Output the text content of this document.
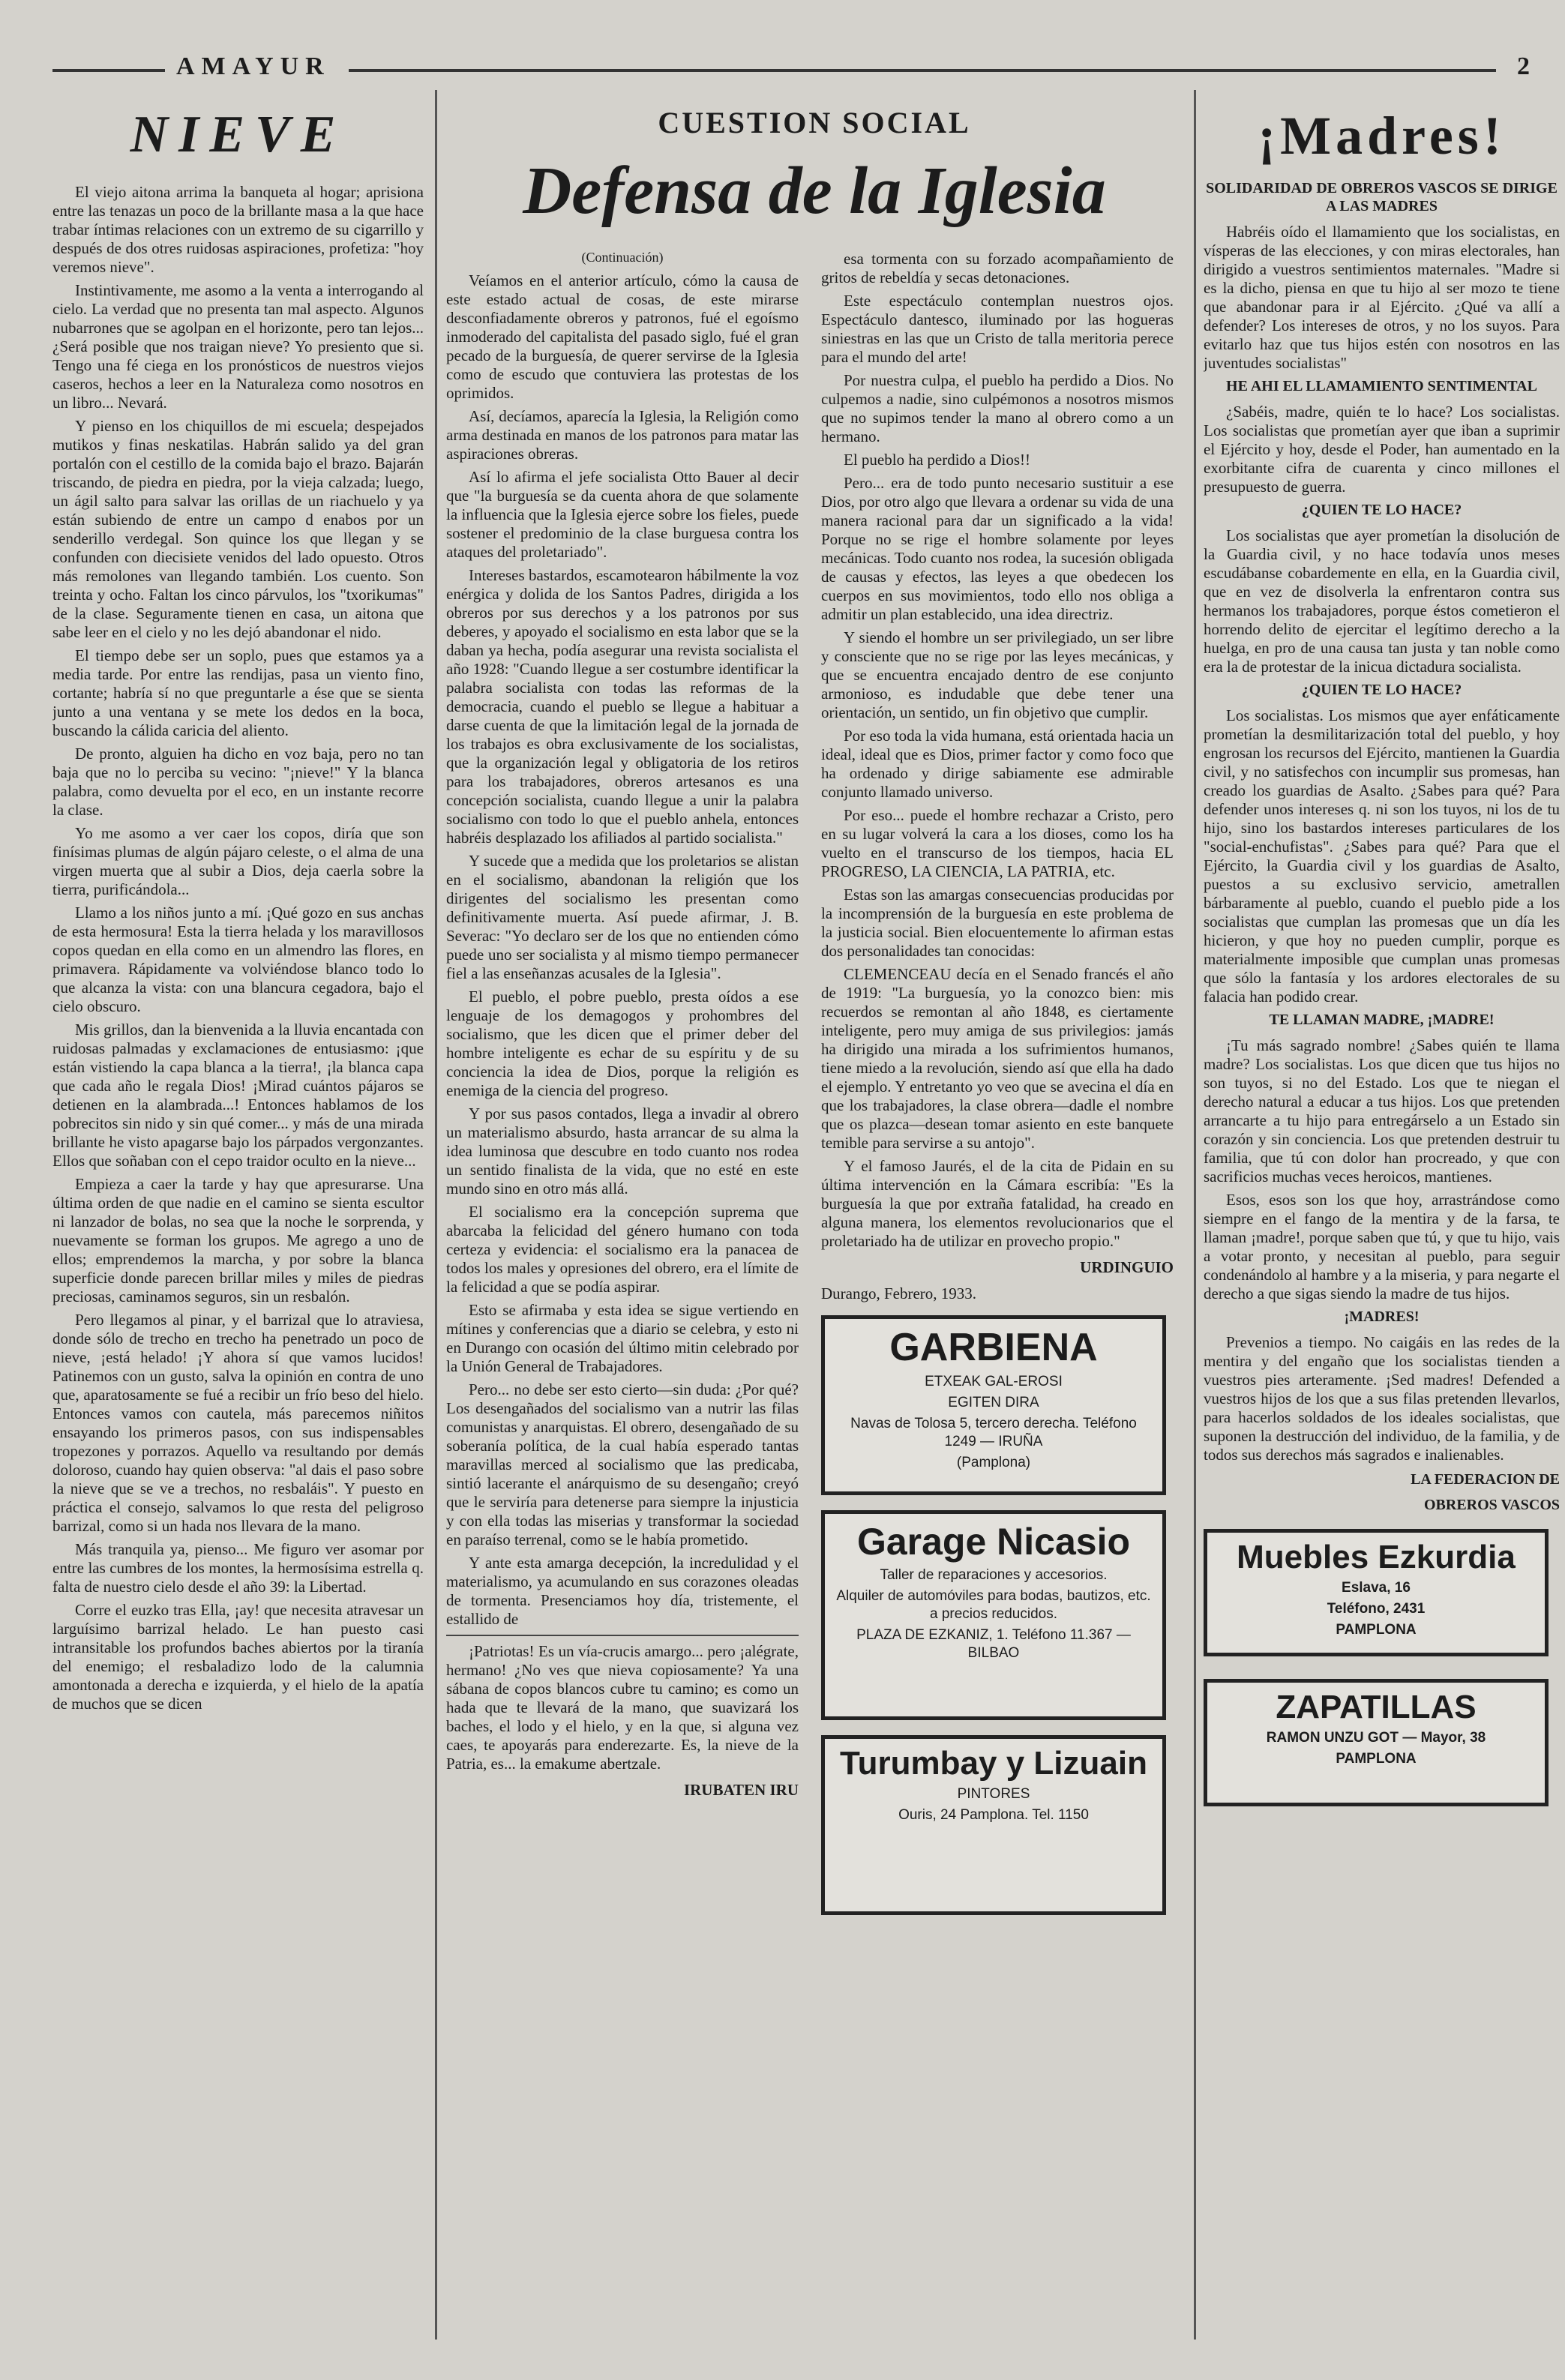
AMAYUR	2
NIEVE

El viejo aitona arrima la banqueta al hogar; aprisiona entre las tenazas un poco de la brillante masa a la que hace trabar íntimas relaciones con un extremo de su cigarrillo y después de dos otres ruidosas aspiraciones, profetiza: "hoy veremos nieve".

Instintivamente, me asomo a la venta a interrogando al cielo. La verdad que no presenta tan mal aspecto. Algunos nubarrones que se agolpan en el horizonte, pero tan lejos... ¿Será posible que nos traigan nieve? Yo presiento que si. Tengo una fé ciega en los pronósticos de nuestros viejos caseros, hechos a leer en la Naturaleza como nosotros en un libro... Nevará.

Y pienso en los chiquillos de mi escuela; despejados mutikos y finas neskatilas. Habrán salido ya del gran portalón con el cestillo de la comida bajo el brazo. Bajarán triscando, de piedra en piedra, por la vieja calzada; luego, un ágil salto para salvar las orillas de un riachuelo y ya están subiendo de entre un campo d enabos por un senderillo verdegal. Son quince los que llegan y se confunden con diecisiete venidos del lado opuesto. Otros más remolones van llegando también. Los cuento. Son treinta y ocho. Faltan los cinco párvulos, los "txorikumas" de la clase. Seguramente tienen en casa, un aitona que sabe leer en el cielo y no les dejó abandonar el nido.

El tiempo debe ser un soplo, pues que estamos ya a media tarde. Por entre las rendijas, pasa un viento fino, cortante; habría sí no que preguntarle a ése que se sienta junto a una ventana y se mete los dedos en la boca, buscando la cálida caricia del aliento.

De pronto, alguien ha dicho en voz baja, pero no tan baja que no lo perciba su vecino: "¡nieve!" Y la blanca palabra, como devuelta por el eco, en un instante recorre la clase.

Yo me asomo a ver caer los copos, diría que son finísimas plumas de algún pájaro celeste, o el alma de una virgen muerta que al subir a Dios, deja caerla sobre la tierra, purificándola...

Llamo a los niños junto a mí. ¡Qué gozo en sus anchas de esta hermosura! Esta la tierra helada y los maravillosos copos quedan en ella como en un almendro las flores, en primavera. Rápidamente va volviéndose blanco todo lo que alcanza la vista: con una blancura cegadora, bajo el cielo obscuro.

Mis grillos, dan la bienvenida a la lluvia encantada con ruidosas palmadas y exclamaciones de entusiasmo: ¡que están vistiendo la capa blanca a la tierra!, ¡la blanca capa que cada año le regala Dios! ¡Mirad cuántos pájaros se detienen en la alambrada...! Entonces hablamos de los pobrecitos sin nido y sin qué comer... y más de una mirada brillante he visto apagarse bajo los párpados vergonzantes. Ellos que soñaban con el cepo traidor oculto en la nieve...

Empieza a caer la tarde y hay que apresurarse. Una última orden de que nadie en el camino se sienta escultor ni lanzador de bolas, no sea que la noche le sorprenda, y nuevamente se forman los grupos. Me agrego a uno de ellos; emprendemos la marcha, y por sobre la blanca superficie donde parecen brillar miles y miles de piedras preciosas, caminamos seguros, sin un resbalón.

Pero llegamos al pinar, y el barrizal que lo atraviesa, donde sólo de trecho en trecho ha penetrado un poco de nieve, ¡está helado! ¡Y ahora sí que vamos lucidos! Patinemos con un gusto, salva la opinión en contra de uno que, aparatosamente se fué a recibir un frío beso del hielo. Entonces vamos con cautela, más parecemos niñitos ensayando los primeros pasos, con sus indispensables tropezones y porrazos. Aquello va resultando por demás doloroso, cuando hay quien observa: "al dais el paso sobre la nieve que se ve a trechos, no resbaláis". Y puesto en práctica el consejo, salvamos lo que resta del peligroso barrizal, como si un hada nos llevara de la mano.

Más tranquila ya, pienso... Me figuro ver asomar por entre las cumbres de los montes, la hermosísima estrella q. falta de nuestro cielo desde el año 39: la Libertad.

Corre el euzko tras Ella, ¡ay! que necesita atravesar un larguísimo barrizal helado. Le han puesto casi intransitable los profundos baches abiertos por la tiranía del enemigo; el resbaladizo lodo de la calumnia amontonada a derecha e izquierda, y el hielo de la apatía de muchos que se dicen

CUESTION SOCIAL
Defensa de la Iglesia
(Continuación)

Veíamos en el anterior artículo, cómo la causa de este estado actual de cosas, de este mirarse desconfiadamente obreros y patronos, fué el egoísmo inmoderado del capitalista del pasado siglo, fué el gran pecado de la burguesía, de querer servirse de la Iglesia como de escudo que contuviera las protestas de los oprimidos.

Así, decíamos, aparecía la Iglesia, la Religión como arma destinada en manos de los patronos para matar las aspiraciones obreras.

Así lo afirma el jefe socialista Otto Bauer al decir que "la burguesía se da cuenta ahora de que solamente la influencia que la Iglesia ejerce sobre los fieles, puede sostener el predominio de la clase burguesa contra los ataques del proletariado".

Intereses bastardos, escamotearon hábilmente la voz enérgica y dolida de los Santos Padres, dirigida a los obreros por sus derechos y a los patronos por sus deberes, y apoyado el socialismo en esta labor que se la daban ya hecha, podía asegurar una revista socialista el año 1928: "Cuando llegue a ser costumbre identificar la palabra socialista con todas las reformas de la democracia, cuando el pueblo se llegue a habituar a darse cuenta de que la limitación legal de la jornada de los trabajos es obra exclusivamente de los socialistas, que la organización legal y obligatoria de los retiros para los trabajadores, obreros artesanos es una concepción socialista, cuando llegue a unir la palabra socialismo con todo lo que el pueblo anhela, entonces habréis desplazado los afiliados al partido socialista."

Y sucede que a medida que los proletarios se alistan en el socialismo, abandonan la religión que los dirigentes del socialismo les presentan como definitivamente muerta. Así puede afirmar, J. B. Severac: "Yo declaro ser de los que no entienden cómo puede uno ser socialista y al mismo tiempo permanecer fiel a las enseñanzas acusales de la Iglesia".

El pueblo, el pobre pueblo, presta oídos a ese lenguaje de los demagogos y prohombres del socialismo, que les dicen que el primer deber del hombre inteligente es echar de su espíritu y de su conciencia la idea de Dios, porque la religión es enemiga de la ciencia del progreso.

Y por sus pasos contados, llega a invadir al obrero un materialismo absurdo, hasta arrancar de su alma la idea luminosa que descubre en todo cuanto nos rodea un sentido finalista de la vida, que no esté en este mundo sino en otro más allá.

El socialismo era la concepción suprema que abarcaba la felicidad del género humano con toda certeza y evidencia: el socialismo era la panacea de todos los males y opresiones del obrero, era el límite de la felicidad a que se podía aspirar.

Esto se afirmaba y esta idea se sigue vertiendo en mítines y conferencias que a diario se celebra, y esto ni en Durango con ocasión del último mitin celebrado por la Unión General de Trabajadores.

Pero... no debe ser esto cierto—sin duda: ¿Por qué? Los desengañados del socialismo van a nutrir las filas comunistas y anarquistas. El obrero, desengañado de su soberanía política, de la cual había esperado tantas maravillas merced al socialismo que las predicaba, sintió lacerante el anárquismo de su desengaño; creyó que le serviría para detenerse para siempre la injusticia y con ella todas las miserias y transformar la sociedad en paraíso terrenal, como se le había prometido.

Y ante esta amarga decepción, la incredulidad y el materialismo, ya acumulando en sus corazones oleadas de tormenta. Presenciamos hoy día, tristemente, el estallido de

¡Patriotas! Es un vía-crucis amargo... pero ¡alégrate, hermano! ¿No ves que nieva copiosamente? Ya una sábana de copos blancos cubre tu camino; es como un hada que te llevará de la mano, que suavizará los baches, el lodo y el hielo, y en la que, si alguna vez caes, te apoyarás para enderezarte. Es, la nieve de la Patria, es... la emakume abertzale.

IRUBATEN IRU

esa tormenta con su forzado acompañamiento de gritos de rebeldía y secas detonaciones.

Este espectáculo contemplan nuestros ojos. Espectáculo dantesco, iluminado por las hogueras siniestras en las que un Cristo de talla meritoria perece para el mundo del arte!

Por nuestra culpa, el pueblo ha perdido a Dios. No culpemos a nadie, sino culpémonos a nosotros mismos que no supimos tender la mano al obrero como a un hermano.

El pueblo ha perdido a Dios!!

Pero... era de todo punto necesario sustituir a ese Dios, por otro algo que llevara a ordenar su vida de una manera racional para dar un significado a la vida! Porque no se rige el hombre solamente por leyes mecánicas. Todo cuanto nos rodea, la sucesión obligada de causas y efectos, las leyes a que obedecen los cuerpos en sus movimientos, todo ello nos obliga a admitir un plan establecido, una idea directriz.

Y siendo el hombre un ser privilegiado, un ser libre y consciente que no se rige por las leyes mecánicas, y que se encuentra encajado dentro de ese conjunto armonioso, es indudable que debe tener una orientación, un sentido, un fin objetivo que cumplir.

Por eso toda la vida humana, está orientada hacia un ideal, ideal que es Dios, primer factor y como foco que ha ordenado y dirige sabiamente ese admirable conjunto llamado universo.

Por eso... puede el hombre rechazar a Cristo, pero en su lugar volverá la cara a los dioses, como los ha vuelto en el transcurso de los tiempos, hacia EL PROGRESO, LA CIENCIA, LA PATRIA, etc.

Estas son las amargas consecuencias producidas por la incomprensión de la burguesía en este problema de la justicia social. Bien elocuentemente lo afirman estas dos personalidades tan conocidas:

CLEMENCEAU decía en el Senado francés el año de 1919: "La burguesía, yo la conozco bien: mis recuerdos se remontan al año 1848, es ciertamente inteligente, pero muy amiga de sus privilegios: jamás ha dirigido una mirada a los sufrimientos humanos, tiene miedo a la revolución, siendo así que ella ha dado el ejemplo. Y entretanto yo veo que se avecina el día en que los trabajadores, la clase obrera—dadle el nombre que os plazca—desean tomar asiento en este banquete temible para servirse a su antojo".

Y el famoso Jaurés, el de la cita de Pidain en su última intervención en la Cámara escribía: "Es la burguesía la que por extraña fatalidad, ha creado en alguna manera, los elementos revolucionarios que el proletariado ha de utilizar en provecho propio."

URDINGUIO
Durango, Febrero, 1933.
GARBIENA
ETXEAK GAL-EROSI
EGITEN DIRA
Navas de Tolosa 5, tercero derecha. Teléfono 1249 — IRUÑA
(Pamplona)
Garage Nicasio
Taller de reparaciones y accesorios.
Alquiler de automóviles para bodas, bautizos, etc. a precios reducidos.
PLAZA DE EZKANIZ, 1. Teléfono 11.367 — BILBAO
Turumbay y Lizuain
PINTORES
Ouris, 24 Pamplona. Tel. 1150
¡Madres!
SOLIDARIDAD DE OBREROS VASCOS SE DIRIGE A LAS MADRES

Habréis oído el llamamiento que los socialistas, en vísperas de las elecciones, y con miras electorales, han dirigido a vuestros sentimientos maternales. "Madre si es la dicho, piensa en que tu hijo al ser mozo te tiene que abandonar para ir al Ejército. ¿Qué va allí a defender? Los intereses de otros, y no los suyos. Para evitarlo haz que tus hijos estén con nosotros en las juventudes socialistas"

HE AHI EL LLAMAMIENTO SENTIMENTAL

¿Sabéis, madre, quién te lo hace? Los socialistas. Los socialistas que prometían ayer que iban a suprimir el Ejército y hoy, desde el Poder, han aumentado en la exorbitante cifra de cuarenta y cinco millones el presupuesto de guerra.

¿QUIEN TE LO HACE?

Los socialistas que ayer prometían la disolución de la Guardia civil, y no hace todavía unos meses escudábanse cobardemente en ella, en la Guardia civil, que en vez de disolverla la enfrentaron contra sus hermanos los trabajadores, porque éstos cometieron el horrendo delito de ejercitar el legítimo derecho a la huelga, en pro de una causa tan justa y tan noble como era la de protestar de la inicua dictadura socialista.

¿QUIEN TE LO HACE?

Los socialistas. Los mismos que ayer enfáticamente prometían la desmilitarización total del pueblo, y hoy engrosan los recursos del Ejército, mantienen la Guardia civil, y no satisfechos con incumplir sus promesas, han creado los guardias de Asalto. ¿Sabes para qué? Para defender unos intereses q. ni son los tuyos, ni los de tu hijo, sino los bastardos intereses particulares de los "social-enchufistas". ¿Sabes para qué? Para que el Ejército, la Guardia civil y los guardias de Asalto, puestos a su exclusivo servicio, ametrallen bárbaramente al pueblo, cuando el pueblo pide a los socialistas que cumplan las promesas que un día les hicieron, y que hoy no pueden cumplir, porque es materialmente imposible que cumplan unas promesas que sólo la fantasía y los ardores electorales de su falacia han podido crear.

TE LLAMAN MADRE, ¡MADRE!

¡Tu más sagrado nombre! ¿Sabes quién te llama madre? Los socialistas. Los que dicen que tus hijos no son tuyos, si no del Estado. Los que te niegan el derecho natural a educar a tus hijos. Los que pretenden arrancarte a tu hijo para entregárselo a un Estado sin corazón y sin conciencia. Los que pretenden destruir tu familia, que tú con dolor han procreado, y que con sacrificios muchas veces heroicos, mantienes.

Esos, esos son los que hoy, arrastrándose como siempre en el fango de la mentira y de la farsa, te llaman ¡madre!, porque saben que tú, y que tu hijo, vais a votar pronto, y necesitan al pueblo, para seguir condenándolo al hambre y a la miseria, y para negarte el derecho a que sigas siendo la madre de tus hijos.

¡MADRES!

Prevenios a tiempo. No caigáis en las redes de la mentira y del engaño que los socialistas tienden a vuestros pies arteramente. ¡Sed madres! Defended a vuestros hijos de los que a sus filas pretenden llevarlos, para hacerlos soldados de los ideales socialistas, que suponen la destrucción del individuo, de la familia, y de todos sus derechos más sagrados e inalienables.

LA FEDERACION DE
OBREROS VASCOS
Muebles Ezkurdia
Eslava, 16
Teléfono, 2431
PAMPLONA
ZAPATILLAS
RAMON UNZU GOT — Mayor, 38
PAMPLONA
